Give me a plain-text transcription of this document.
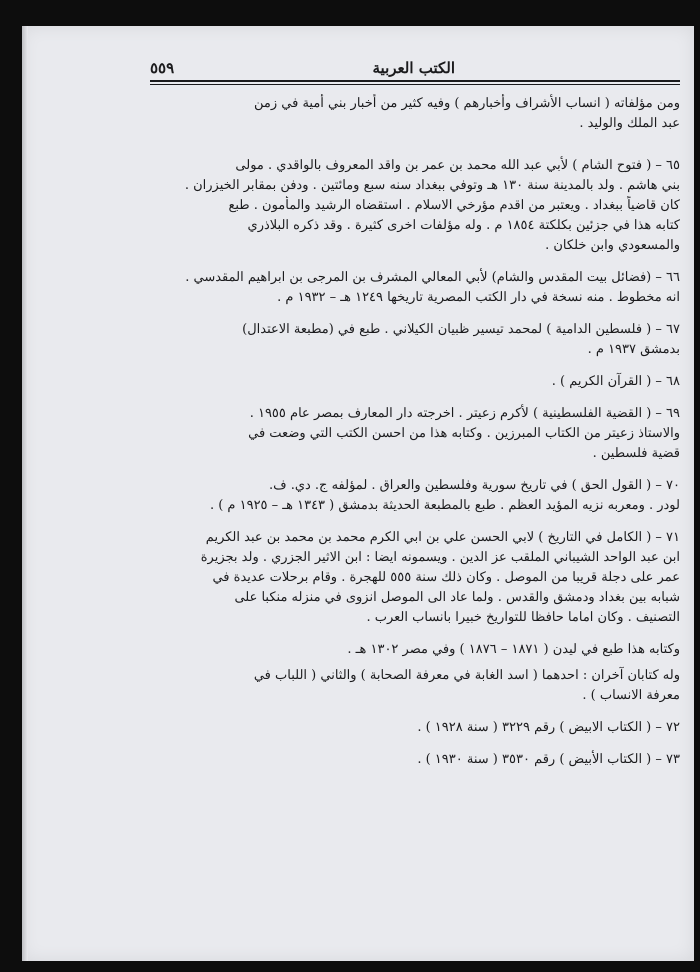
الكتب العربية
٥٥٩
ومن مؤلفاته ( انساب الأشراف وأخبارهم ) وفيه كثير من أخبار بني أمية في زمن
عبد الملك والوليد .
٦٥ – ( فتوح الشام ) لأبي عبد الله محمد بن عمر بن واقد المعروف بالواقدي . مولى
بني هاشم . ولد بالمدينة سنة ١٣٠ هـ وتوفي ببغداد سنه سبع ومائتين . ودفن بمقابر الخيزران .
كان قاضياً ببغداد . ويعتبر من اقدم مؤرخي الاسلام . استقضاه الرشيد والمأمون . طبع
كتابه هذا في جزئين بكلكتة ١٨٥٤ م . وله مؤلفات اخرى كثيرة . وقد ذكره البلاذري
والمسعودي وابن خلكان .
٦٦ – (فضائل بيت المقدس والشام) لأبي المعالي المشرف بن المرجى بن ابراهيم المقدسي .
انه مخطوط . منه نسخة في دار الكتب المصرية تاريخها ١٢٤٩ هـ – ١٩٣٢ م .
٦٧ – ( فلسطين الدامية ) لمحمد تيسير ظبيان الكيلاني . طبع في (مطبعة الاعتدال)
بدمشق ١٩٣٧ م .
٦٨ – ( القرآن الكريم ) .
٦٩ – ( القضية الفلسطينية ) لأكرم زعيتر . اخرجته دار المعارف بمصر عام ١٩٥٥ .
والاستاذ زعيتر من الكتاب المبرزين . وكتابه هذا من احسن الكتب التي وضعت في
قضية فلسطين .
٧٠ – ( القول الحق ) في تاريخ سورية وفلسطين والعراق . لمؤلفه ج. دي. ف.
لودر . ومعربه نزيه المؤيد العظم . طبع بالمطبعة الحديثة بدمشق ( ١٣٤٣ هـ – ١٩٢٥ م ) .
٧١ – ( الكامل في التاريخ ) لابي الحسن علي بن ابي الكرم محمد بن محمد بن عبد الكريم
ابن عبد الواحد الشيباني الملقب عز الدين . ويسمونه ايضا : ابن الاثير الجزري . ولد بجزيرة
عمر على دجلة قريبا من الموصل . وكان ذلك سنة ٥٥٥ للهجرة . وقام برحلات عديدة في
شبابه بين بغداد ودمشق والقدس . ولما عاد الى الموصل انزوى في منزله منكبا على
التصنيف . وكان اماما حافظا للتواريخ خبيرا بانساب العرب .
وكتابه هذا طبع في ليدن ( ١٨٧١ – ١٨٧٦ ) وفي مصر ١٣٠٢ هـ .
وله كتابان آخران : احدهما ( اسد الغابة في معرفة الصحابة ) والثاني ( اللباب في
معرفة الانساب ) .
٧٢ – ( الكتاب الابيض ) رقم ٣٢٢٩ ( سنة ١٩٢٨ ) .
٧٣ – ( الكتاب الأبيض ) رقم ٣٥٣٠ ( سنة ١٩٣٠ ) .
